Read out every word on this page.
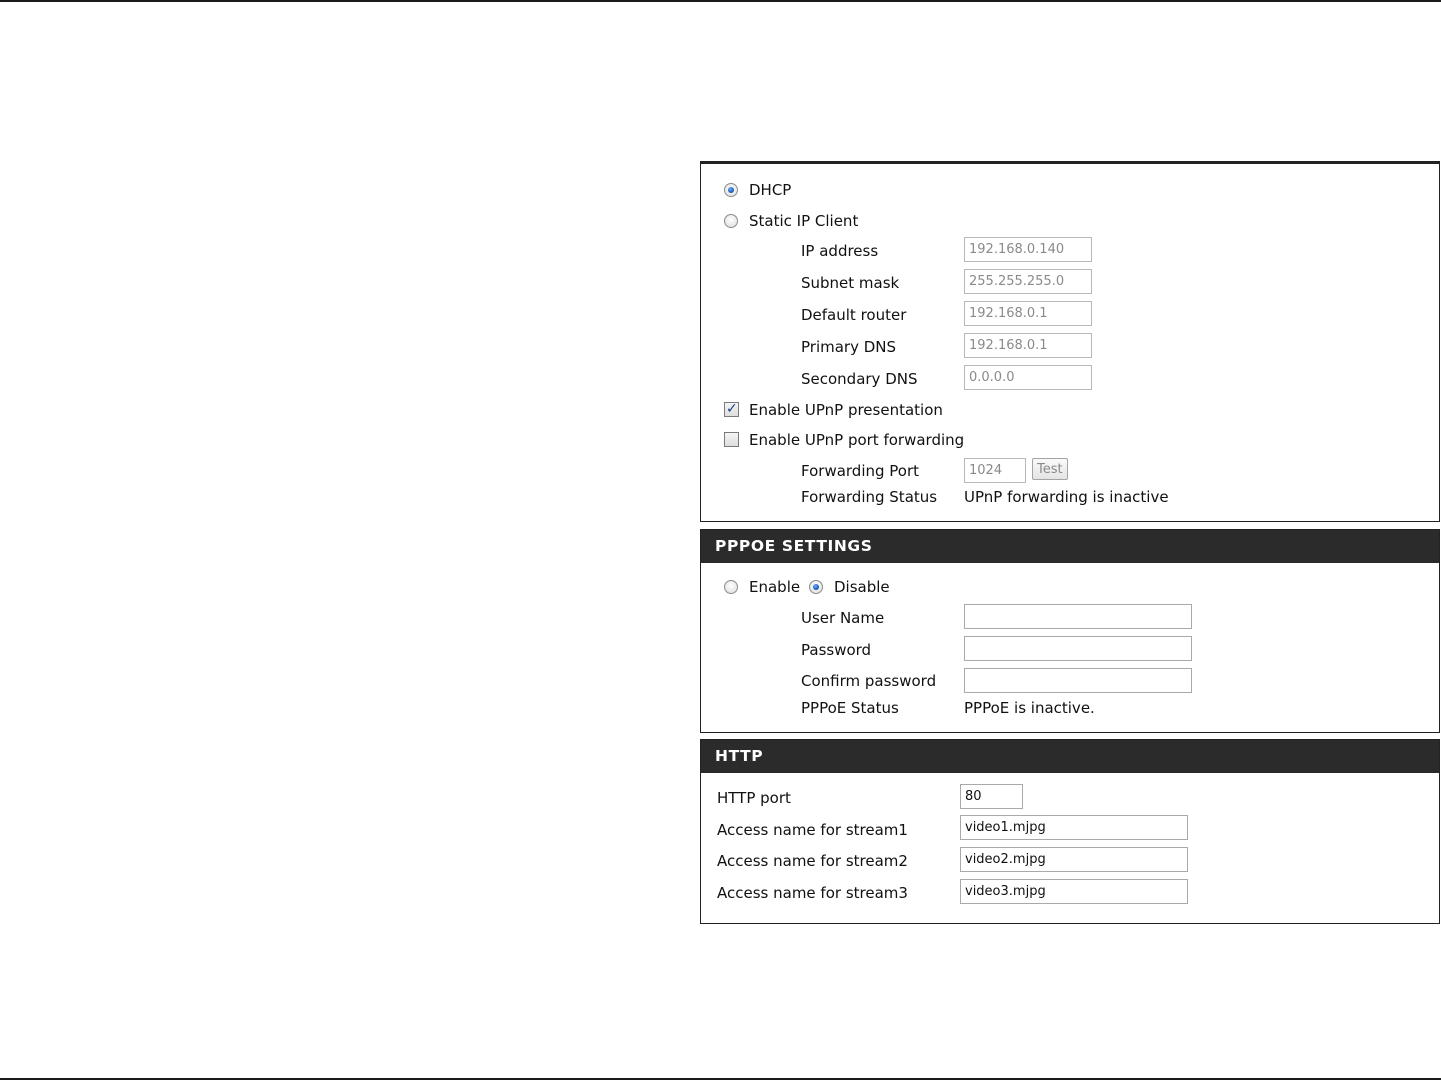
DHCP
Static IP Client
IP address
192.168.0.140
Subnet mask
255.255.255.0
Default router
192.168.0.1
Primary DNS
192.168.0.1
Secondary DNS
0.0.0.0
✓ Enable UPnP presentation
Enable UPnP port forwarding
Forwarding Port
1024	Test
Forwarding Status UPnP forwarding is inactive
PPPOE SETTINGS
Enable Disable
User Name
Password
Confirm password
PPPoE Status	PPPoE is inactive.
HTTP
HTTP port
80
Access name for stream1
video1.mjpg
Access name for stream2
video2.mjpg
Access name for stream3
video3.mjpg
